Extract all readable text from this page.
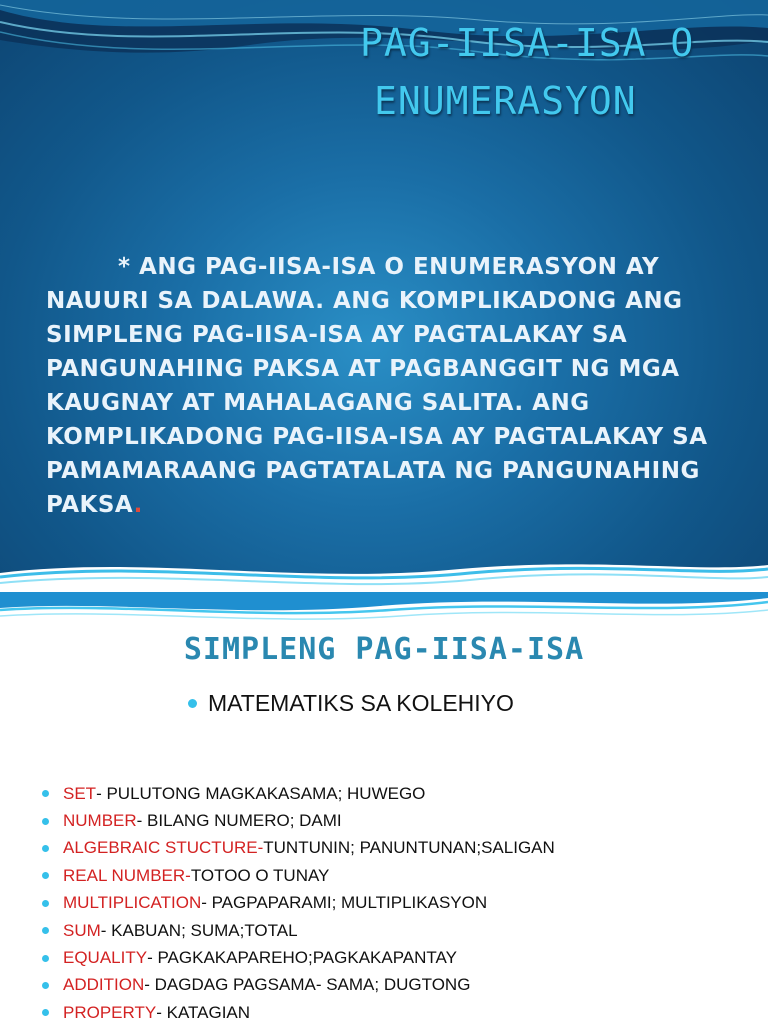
PAG-IISA-ISA O
ENUMERASYON
* ANG PAG-IISA-ISA O ENUMERASYON AY NAUURI SA DALAWA. ANG KOMPLIKADONG ANG SIMPLENG PAG-IISA-ISA AY PAGTALAKAY SA PANGUNAHING PAKSA AT PAGBANGGIT NG MGA KAUGNAY AT MAHALAGANG SALITA. ANG KOMPLIKADONG PAG-IISA-ISA AY PAGTALAKAY SA PAMAMARAANG PAGTATALATA NG PANGUNAHING PAKSA.
SIMPLENG PAG-IISA-ISA
MATEMATIKS SA KOLEHIYO
SET - PULUTONG MAGKAKASAMA; HUWEGO
NUMBER - BILANG NUMERO; DAMI
ALGEBRAIC STUCTURE- TUNTUNIN; PANUNTUNAN;SALIGAN
REAL NUMBER- TOTOO O TUNAY
MULTIPLICATION - PAGPAPARAMI; MULTIPLIKASYON
SUM - KABUAN; SUMA;TOTAL
EQUALITY - PAGKAKAPAREHO;PAGKAKAPANTAY
ADDITION - DAGDAG PAGSAMA- SAMA; DUGTONG
PROPERTY - KATAGIAN
